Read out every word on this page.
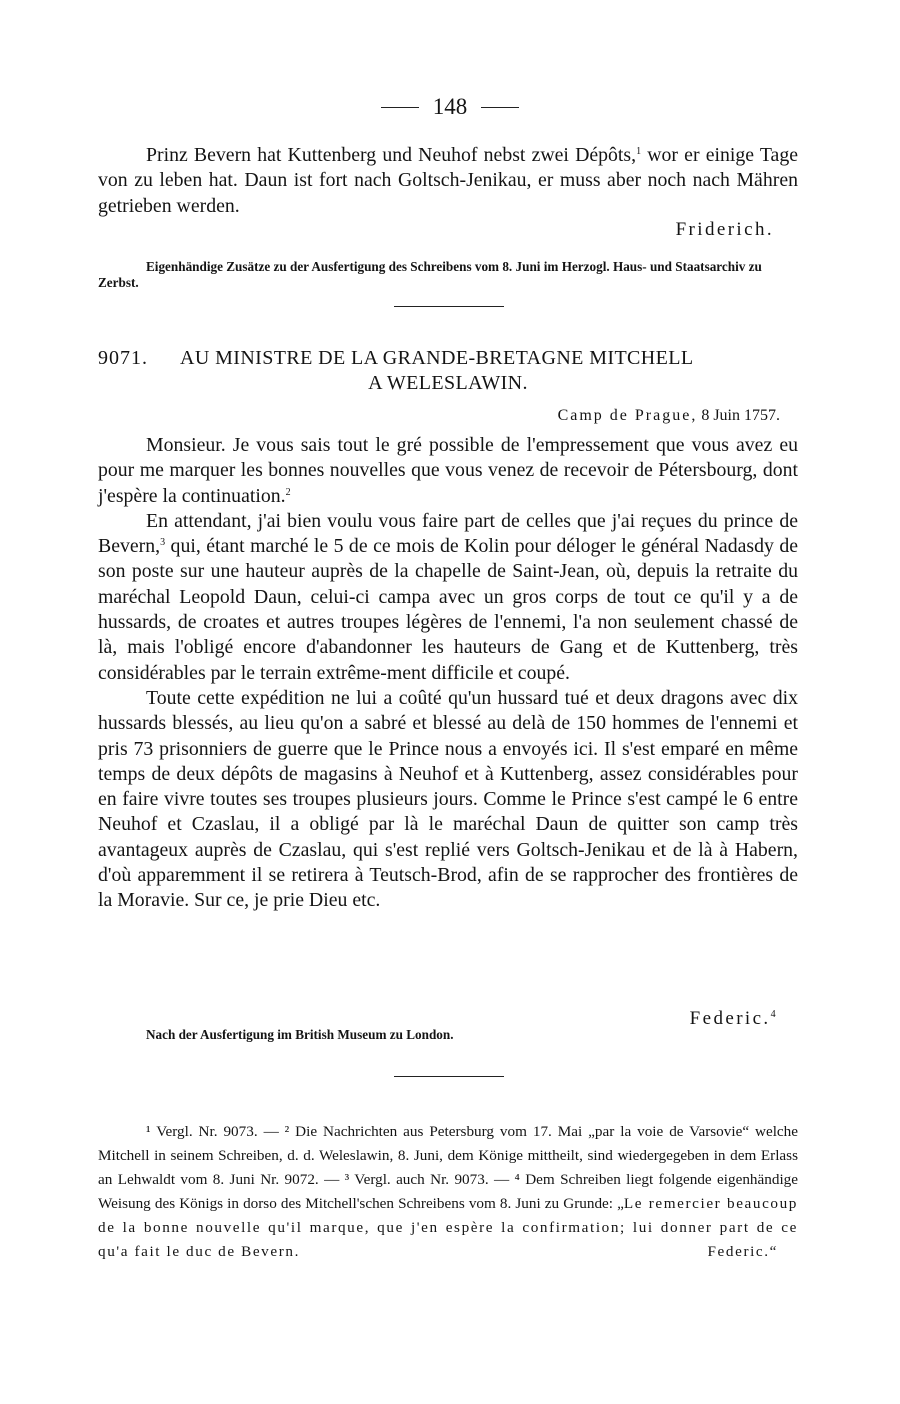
148

Prinz Bevern hat Kuttenberg und Neuhof nebst zwei Dépôts,$^1$ wor er einige Tage von zu leben hat. Daun ist fort nach Goltsch-Jenikau, er muss aber noch nach Mähren getrieben werden.

Friderich.
Eigenhändige Zusätze zu der Ausfertigung des Schreibens vom 8. Juni im Herzogl. Haus- und Staatsarchiv zu Zerbst.
9071. AU MINISTRE DE LA GRANDE-BRETAGNE MITCHELL
A WELESLAWIN.
Camp de Prague, 8 Juin 1757.

Monsieur. Je vous sais tout le gré possible de l'empressement que vous avez eu pour me marquer les bonnes nouvelles que vous venez de recevoir de Pétersbourg, dont j'espère la continuation.$^2$

En attendant, j'ai bien voulu vous faire part de celles que j'ai reçues du prince de Bevern,$^3$ qui, étant marché le 5 de ce mois de Kolin pour déloger le général Nadasdy de son poste sur une hauteur auprès de la chapelle de Saint-Jean, où, depuis la retraite du maréchal Leopold Daun, celui-ci campa avec un gros corps de tout ce qu'il y a de hussards, de croates et autres troupes légères de l'ennemi, l'a non seulement chassé de là, mais l'obligé encore d'abandonner les hauteurs de Gang et de Kuttenberg, très considérables par le terrain extrême-ment difficile et coupé.

Toute cette expédition ne lui a coûté qu'un hussard tué et deux dragons avec dix hussards blessés, au lieu qu'on a sabré et blessé au delà de 150 hommes de l'ennemi et pris 73 prisonniers de guerre que le Prince nous a envoyés ici. Il s'est emparé en même temps de deux dépôts de magasins à Neuhof et à Kuttenberg, assez considérables pour en faire vivre toutes ses troupes plusieurs jours. Comme le Prince s'est campé le 6 entre Neuhof et Czaslau, il a obligé par là le maréchal Daun de quitter son camp très avantageux auprès de Czaslau, qui s'est replié vers Goltsch-Jenikau et de là à Habern, d'où apparemment il se retirera à Teutsch-Brod, afin de se rapprocher des frontières de la Moravie. Sur ce, je prie Dieu etc.

Federic.$^4$
Nach der Ausfertigung im British Museum zu London.

¹ Vergl. Nr. 9073. — ² Die Nachrichten aus Petersburg vom 17. Mai „par la voie de Varsovie“ welche Mitchell in seinem Schreiben, d. d. Weleslawin, 8. Juni, dem Könige mittheilt, sind wiedergegeben in dem Erlass an Lehwaldt vom 8. Juni Nr. 9072. — ³ Vergl. auch Nr. 9073. — ⁴ Dem Schreiben liegt folgende eigenhändige Weisung des Königs in dorso des Mitchell'schen Schreibens vom 8. Juni zu Grunde: „Le remercier beaucoup de la bonne nouvelle qu'il marque, que j'en espère la confirmation; lui donner part de ce qu'a fait le duc de Bevern.	Federic.“
